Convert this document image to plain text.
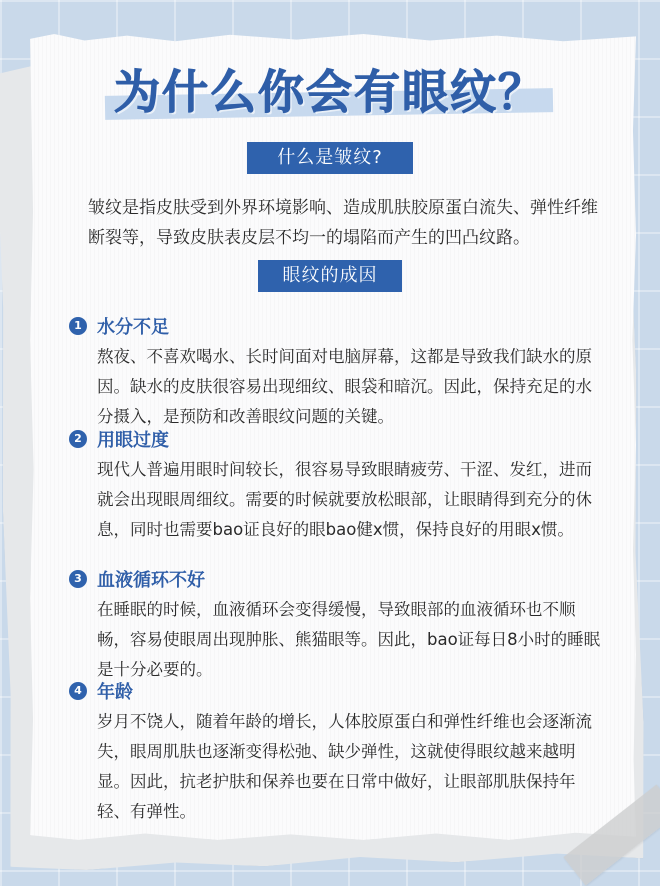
为什么你会有眼纹？
什么是皱纹?
皱纹是指皮肤受到外界环境影响、造成肌肤胶原蛋白流失、弹性纤维断裂等，导致皮肤表皮层不均一的塌陷而产生的凹凸纹路。
眼纹的成因
1 水分不足
熬夜、不喜欢喝水、长时间面对电脑屏幕，这都是导致我们缺水的原因。缺水的皮肤很容易出现细纹、眼袋和暗沉。因此，保持充足的水分摄入，是预防和改善眼纹问题的关键。
2 用眼过度
现代人普遍用眼时间较长，很容易导致眼睛疲劳、干涩、发红，进而就会出现眼周细纹。需要的时候就要放松眼部，让眼睛得到充分的休息，同时也需要bao证良好的眼bao健x惯，保持良好的用眼x惯。
3 血液循环不好
在睡眠的时候，血液循环会变得缓慢，导致眼部的血液循环也不顺畅，容易使眼周出现肿胀、熊猫眼等。因此，bao证每日8小时的睡眠是十分必要的。
4 年龄
岁月不饶人，随着年龄的增长，人体胶原蛋白和弹性纤维也会逐渐流失，眼周肌肤也逐渐变得松弛、缺少弹性，这就使得眼纹越来越明显。因此，抗老护肤和保养也要在日常中做好，让眼部肌肤保持年轻、有弹性。
